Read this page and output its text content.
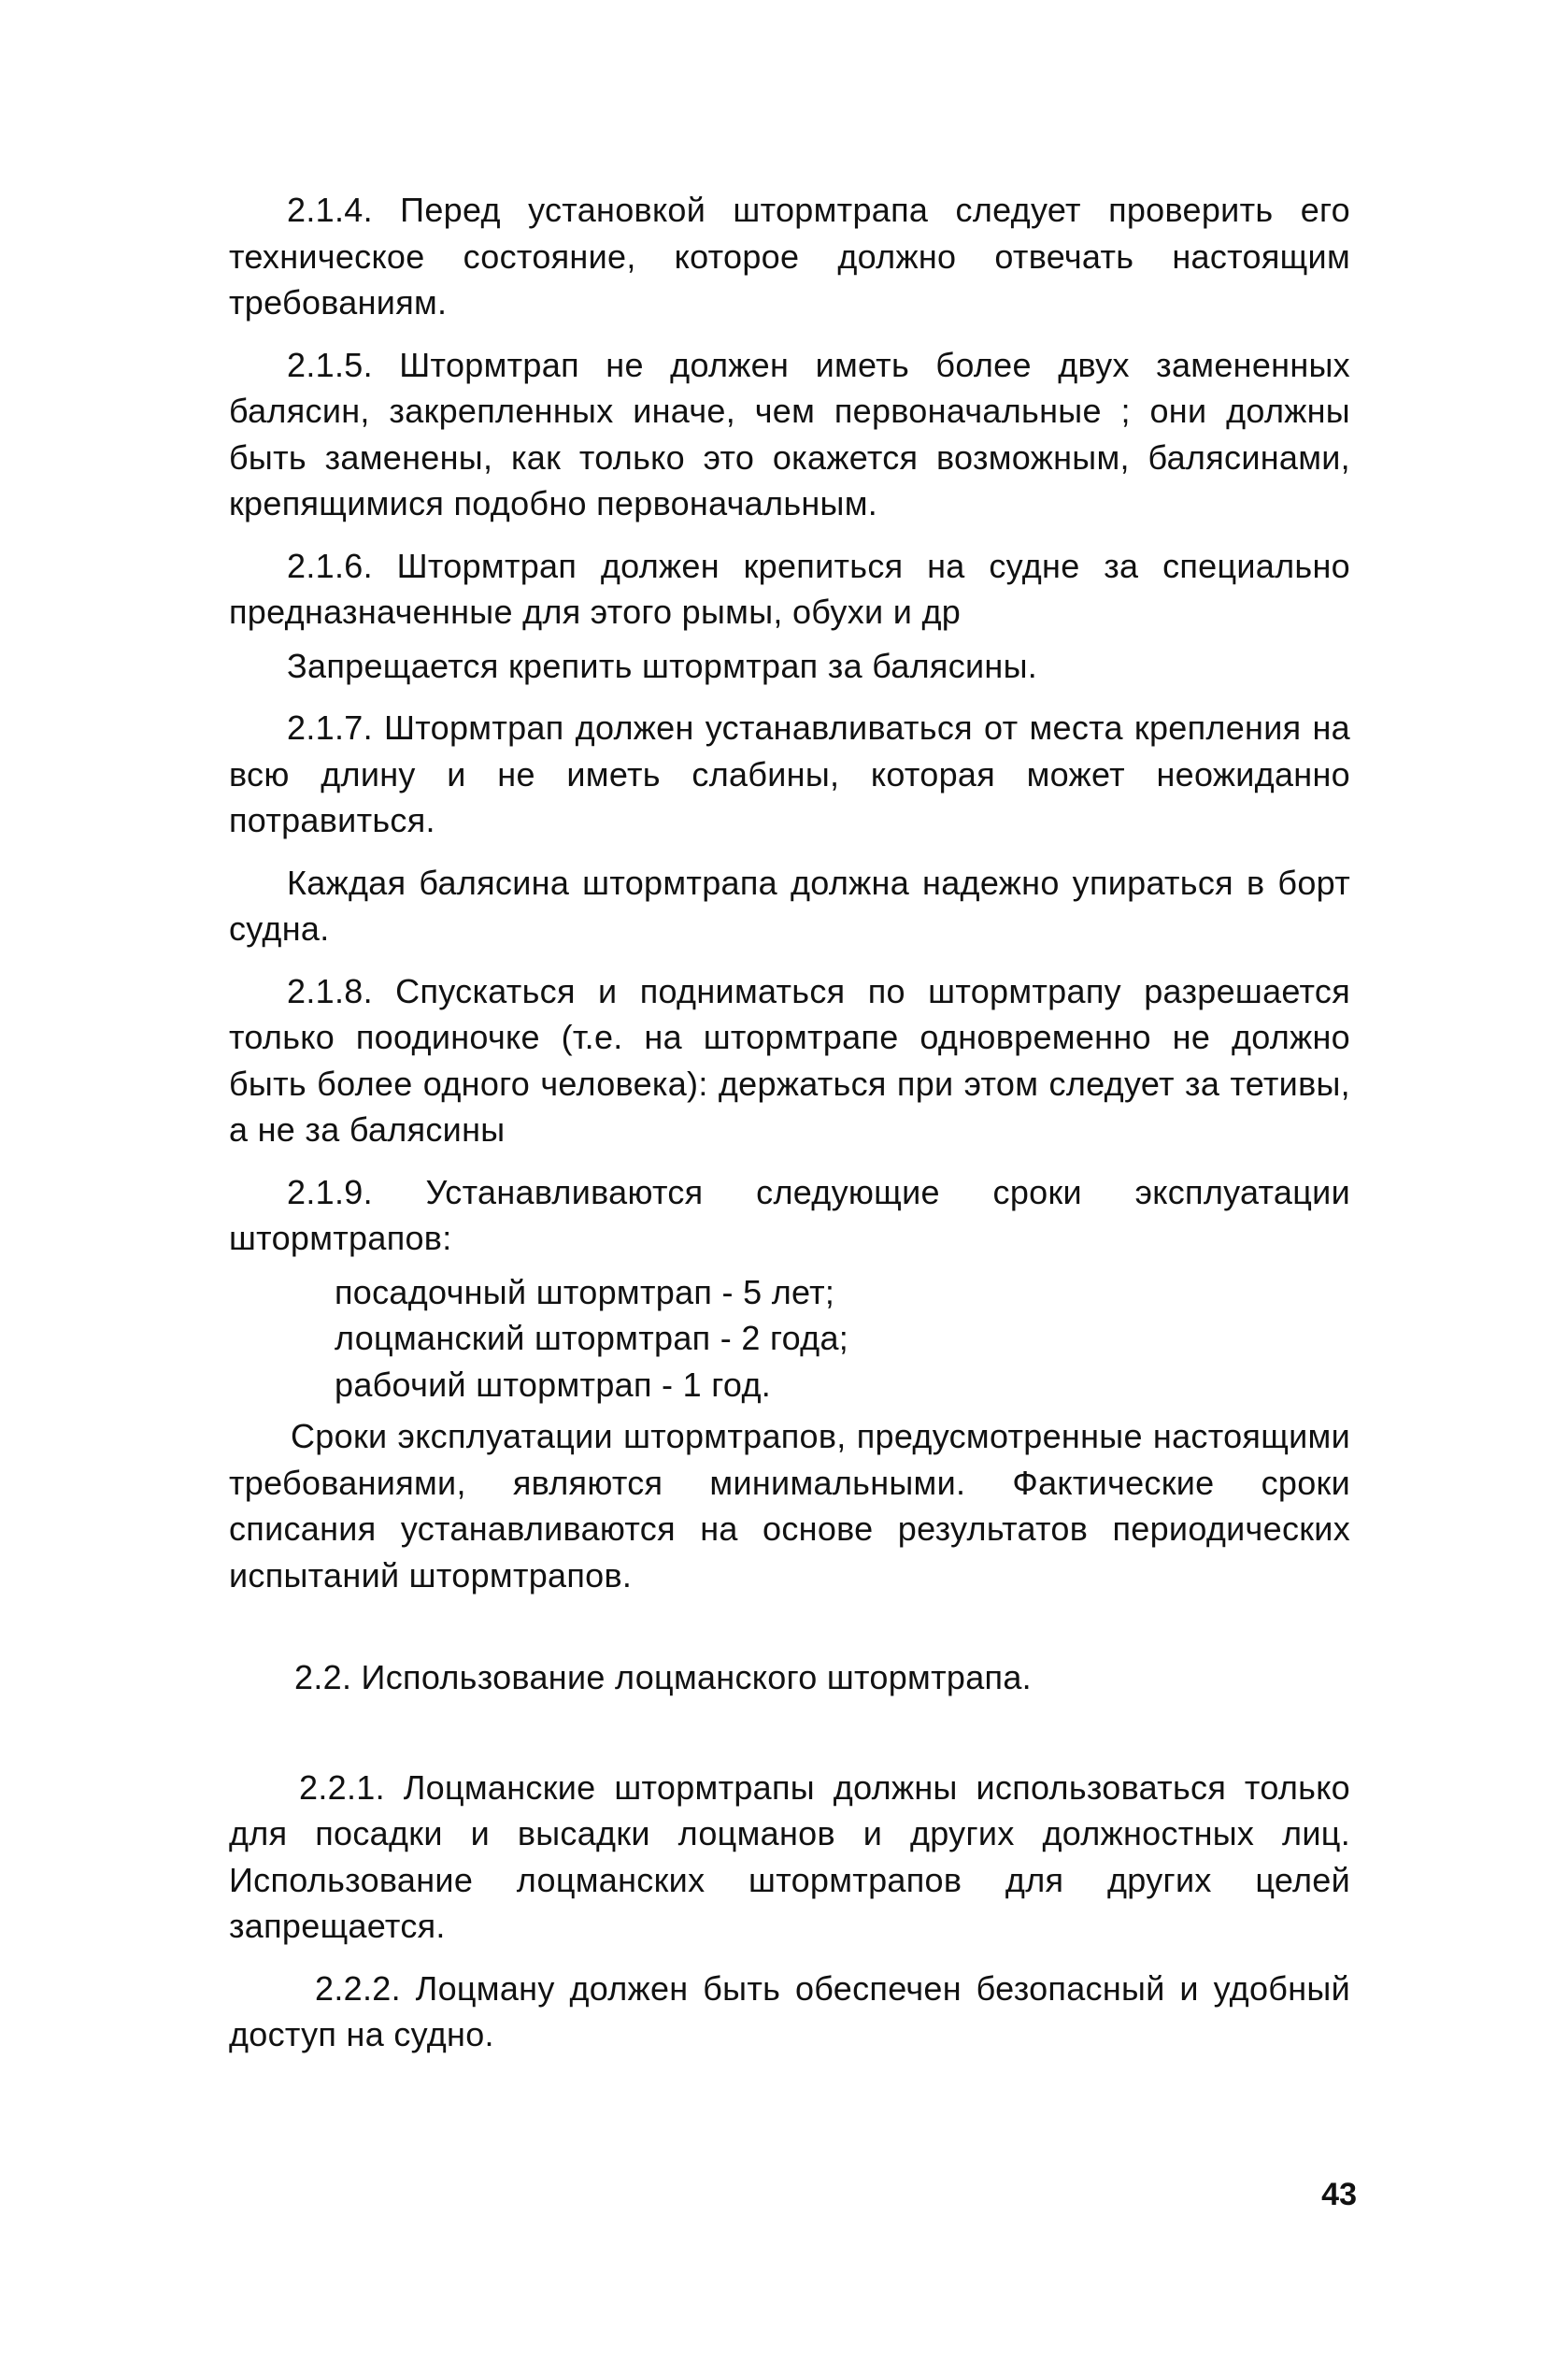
2.1.4. Перед установкой штормтрапа следует проверить его техническое состояние, которое должно отвечать настоящим требованиям.

2.1.5. Штормтрап не должен иметь более двух замененных балясин, закрепленных иначе, чем первоначальные ; они должны быть заменены, как только это окажется возможным, балясинами, крепящимися подобно первоначальным.

2.1.6. Штормтрап должен крепиться на судне за специально предназначенные для этого рымы, обухи и др

Запрещается крепить штормтрап за балясины.

2.1.7. Штормтрап должен устанавливаться от места крепления на всю длину и не иметь слабины, которая может неожиданно потравиться.

Каждая балясина штормтрапа должна надежно упираться в борт судна.

2.1.8. Спускаться и подниматься по штормтрапу разрешается только поодиночке (т.е. на штормтрапе одновременно не должно быть более одного человека): держаться при этом следует за тетивы, а не за балясины

2.1.9. Устанавливаются следующие сроки эксплуатации штормтрапов:

посадочный штормтрап - 5 лет;

лоцманский штормтрап - 2 года;

рабочий штормтрап - 1 год.

Сроки эксплуатации штормтрапов, предусмотренные настоящими требованиями, являются минимальными. Фактические сроки списания устанавливаются на основе результатов периодических испытаний штормтрапов.

2.2. Использование лоцманского штормтрапа.

2.2.1. Лоцманские штормтрапы должны использоваться только для посадки и высадки лоцманов и других должностных лиц. Использование лоцманских штормтрапов для других целей запрещается.

2.2.2. Лоцману должен быть обеспечен безопасный и удобный доступ на судно.

43
